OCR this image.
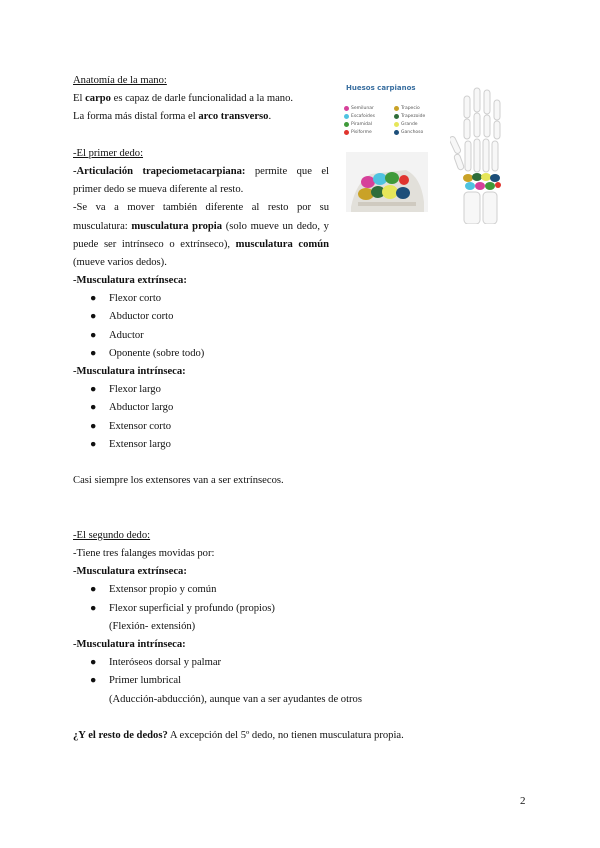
Anatomía de la mano:

El carpo es capaz de darle funcionalidad a la mano.

La forma más distal forma el arco transverso.

-El primer dedo:

-Articulación trapeciometacarpiana: permite que el primer dedo se mueva diferente al resto.

-Se va a mover también diferente al resto por su musculatura: musculatura propia (solo mueve un dedo, y puede ser intrínseco o extrínseco), musculatura común (mueve varios dedos).

-Musculatura extrínseca:

● Flexor corto
● Abductor corto
● Aductor
● Oponente (sobre todo)

-Musculatura intrínseca:

● Flexor largo
● Abductor largo
● Extensor corto
● Extensor largo

Casi siempre los extensores van a ser extrínsecos.

-El segundo dedo:

-Tiene tres falanges movidas por:

-Musculatura extrínseca:

● Extensor propio y común
● Flexor superficial y profundo (propios)

(Flexión- extensión)

-Musculatura intrínseca:

● Interóseos dorsal y palmar
● Primer lumbrical

(Aducción-abducción), aunque van a ser ayudantes de otros

¿Y el resto de dedos? A excepción del 5º dedo, no tienen musculatura propia.

Huesos carpianos
Semilunar
Escafoides
Piramidal
Pisiforme
Trapecio
Trapezoide
Grande
Ganchoso
2
